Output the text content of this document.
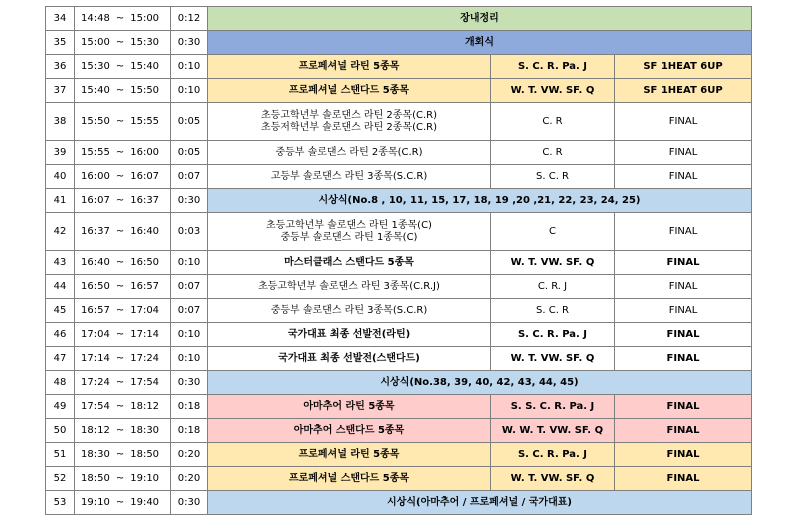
34	14:48 ~ 15:00	0:12	장내정리		
35	15:00 ~ 15:30	0:30	개회식		
36	15:30 ~ 15:40	0:10	프로페셔널 라틴 5종목	S. C. R. Pa. J	SF 1HEAT 6UP
37	15:40 ~ 15:50	0:10	프로페셔널 스탠다드 5종목	W. T. VW. SF. Q	SF 1HEAT 6UP
38	15:50 ~ 15:55	0:05	초등고학년부 솔로댄스 라틴 2종목(C.R)
초등저학년부 솔로댄스 라틴 2종목(C.R)	C. R	FINAL
39	15:55 ~ 16:00	0:05	중등부 솔로댄스 라틴 2종목(C.R)	C. R	FINAL
40	16:00 ~ 16:07	0:07	고등부 솔로댄스 라틴 3종목(S.C.R)	S. C. R	FINAL
41	16:07 ~ 16:37	0:30	시상식(No.8 , 10, 11, 15, 17, 18, 19 ,20 ,21, 22, 23, 24, 25)		
42	16:37 ~ 16:40	0:03	초등고학년부 솔로댄스 라틴 1종목(C)
중등부 솔로댄스 라틴 1종목(C)	C	FINAL
43	16:40 ~ 16:50	0:10	마스터클래스 스탠다드 5종목	W. T. VW. SF. Q	FINAL
44	16:50 ~ 16:57	0:07	초등고학년부 솔로댄스 라틴 3종목(C.R.J)	C. R. J	FINAL
45	16:57 ~ 17:04	0:07	중등부 솔로댄스 라틴 3종목(S.C.R)	S. C. R	FINAL
46	17:04 ~ 17:14	0:10	국가대표 최종 선발전(라틴)	S. C. R. Pa. J	FINAL
47	17:14 ~ 17:24	0:10	국가대표 최종 선발전(스탠다드)	W. T. VW. SF. Q	FINAL
48	17:24 ~ 17:54	0:30	시상식(No.38, 39, 40, 42, 43, 44, 45)		
49	17:54 ~ 18:12	0:18	아마추어 라틴 5종목	S. S. C. R. Pa. J	FINAL
50	18:12 ~ 18:30	0:18	아마추어 스탠다드 5종목	W. W. T. VW. SF. Q	FINAL
51	18:30 ~ 18:50	0:20	프로페셔널 라틴 5종목	S. C. R. Pa. J	FINAL
52	18:50 ~ 19:10	0:20	프로페셔널 스탠다드 5종목	W. T. VW. SF. Q	FINAL
53	19:10 ~ 19:40	0:30	시상식(아마추어 / 프로페셔널 / 국가대표)		
